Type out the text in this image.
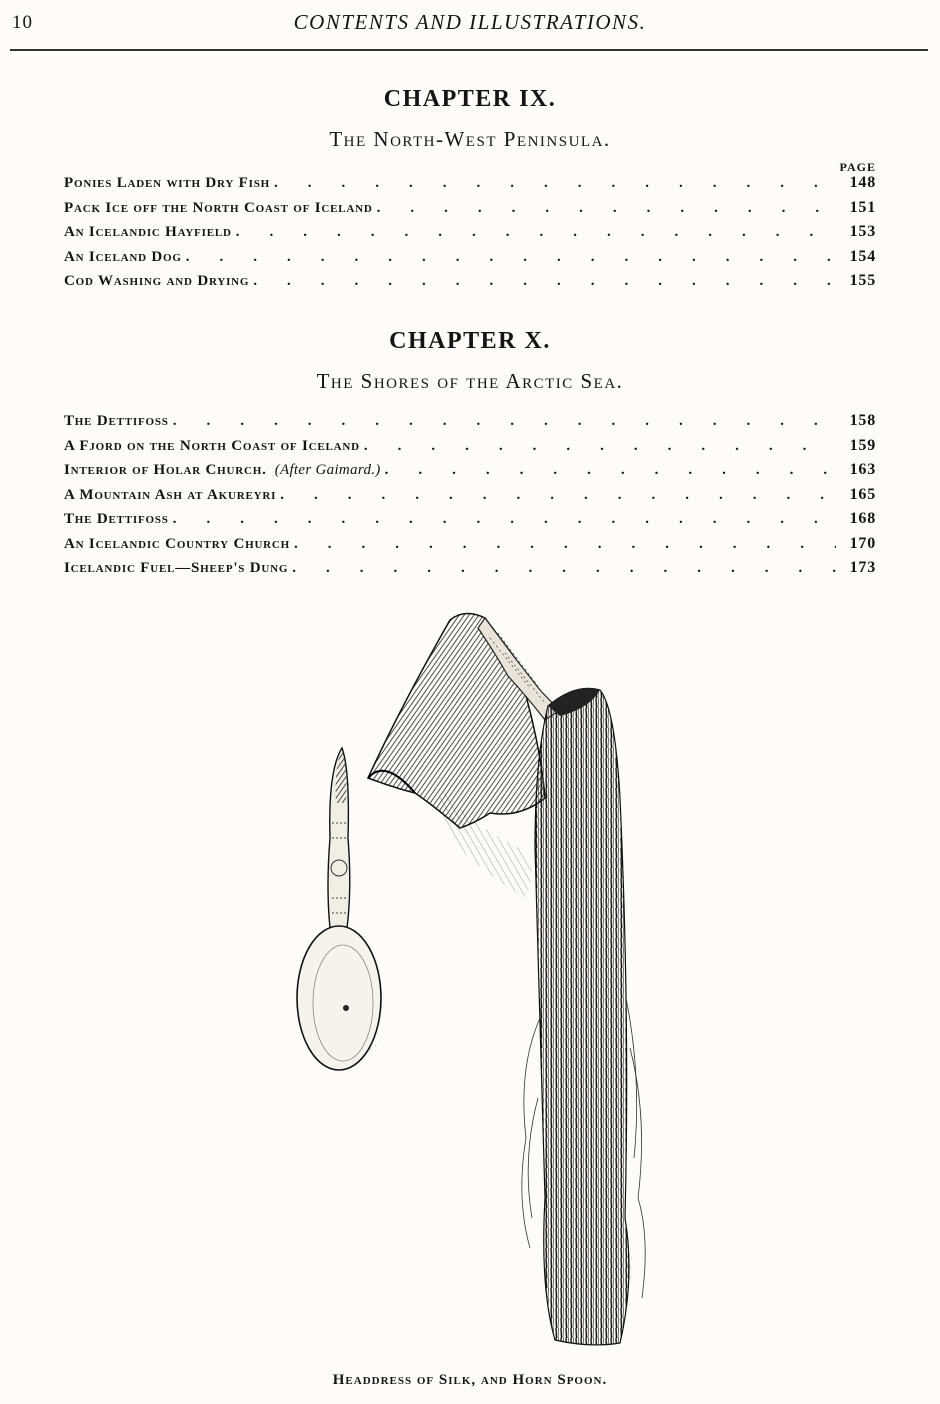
10	CONTENTS AND ILLUSTRATIONS.
CHAPTER IX.
The North-West Peninsula.
PAGE
Ponies Laden with Dry Fish .  . 	148
Pack Ice off the North Coast of Iceland .  . 	151
An Icelandic Hayfield .  . 	153
An Iceland Dog .  . 	154
Cod Washing and Drying .  . 	155
CHAPTER X.
The Shores of the Arctic Sea.
The Dettifoss .  . 	158
A Fjord on the North Coast of Iceland .  . 	159
Interior of Holar Church. (After Gaimard.) .  . 	163
A Mountain Ash at Akureyri .  . 	165
The Dettifoss .  . 	168
An Icelandic Country Church .  . 	170
Icelandic Fuel—Sheep's Dung .  . 	173
Headdress of Silk, and Horn Spoon.
